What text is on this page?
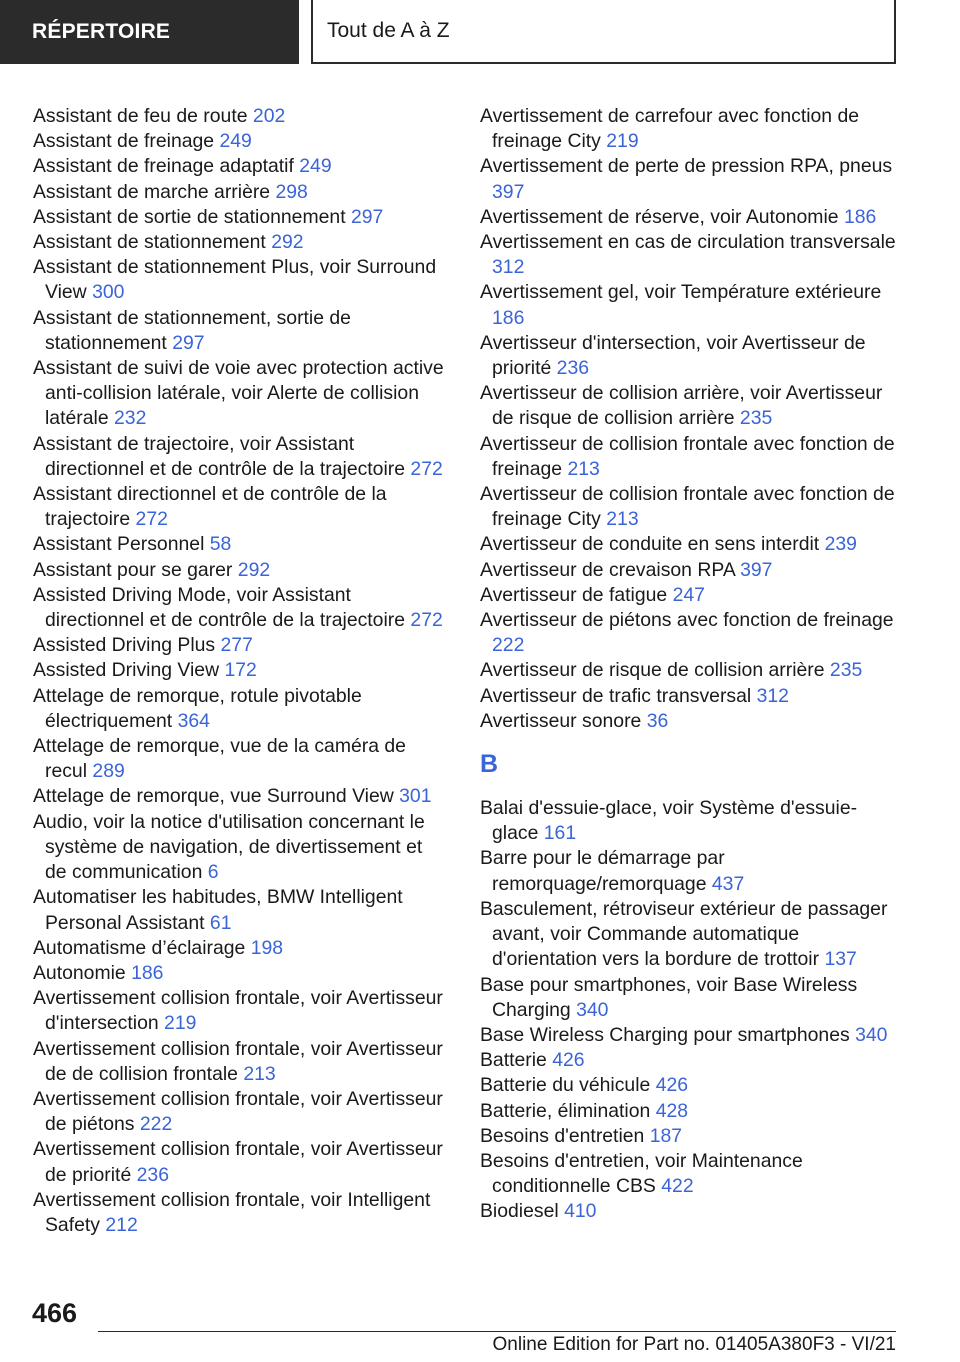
RÉPERTOIRE	Tout de A à Z
Assistant de feu de route 202
Assistant de freinage 249
Assistant de freinage adaptatif 249
Assistant de marche arrière 298
Assistant de sortie de stationnement 297
Assistant de stationnement 292
Assistant de stationnement Plus, voir Surround View 300
Assistant de stationnement, sortie de stationnement 297
Assistant de suivi de voie avec protection active anti-collision latérale, voir Alerte de collision latérale 232
Assistant de trajectoire, voir Assistant directionnel et de contrôle de la trajectoire 272
Assistant directionnel et de contrôle de la trajectoire 272
Assistant Personnel 58
Assistant pour se garer 292
Assisted Driving Mode, voir Assistant directionnel et de contrôle de la trajectoire 272
Assisted Driving Plus 277
Assisted Driving View 172
Attelage de remorque, rotule pivotable électriquement 364
Attelage de remorque, vue de la caméra de recul 289
Attelage de remorque, vue Surround View 301
Audio, voir la notice d'utilisation concernant le système de navigation, de divertissement et de communication 6
Automatiser les habitudes, BMW Intelligent Personal Assistant 61
Automatisme d’éclairage 198
Autonomie 186
Avertissement collision frontale, voir Avertisseur d'intersection 219
Avertissement collision frontale, voir Avertisseur de de collision frontale 213
Avertissement collision frontale, voir Avertisseur de piétons 222
Avertissement collision frontale, voir Avertisseur de priorité 236
Avertissement collision frontale, voir Intelligent Safety 212
Avertissement de carrefour avec fonction de freinage City 219
Avertissement de perte de pression RPA, pneus 397
Avertissement de réserve, voir Autonomie 186
Avertissement en cas de circulation transversale 312
Avertissement gel, voir Température extérieure 186
Avertisseur d'intersection, voir Avertisseur de priorité 236
Avertisseur de collision arrière, voir Avertisseur de risque de collision arrière 235
Avertisseur de collision frontale avec fonction de freinage 213
Avertisseur de collision frontale avec fonction de freinage City 213
Avertisseur de conduite en sens interdit 239
Avertisseur de crevaison RPA 397
Avertisseur de fatigue 247
Avertisseur de piétons avec fonction de freinage 222
Avertisseur de risque de collision arrière 235
Avertisseur de trafic transversal 312
Avertisseur sonore 36
B
Balai d'essuie-glace, voir Système d'essuie-glace 161
Barre pour le démarrage par remorquage/remorquage 437
Basculement, rétroviseur extérieur de passager avant, voir Commande automatique d'orientation vers la bordure de trottoir 137
Base pour smartphones, voir Base Wireless Charging 340
Base Wireless Charging pour smartphones 340
Batterie 426
Batterie du véhicule 426
Batterie, élimination 428
Besoins d'entretien 187
Besoins d'entretien, voir Maintenance conditionnelle CBS 422
Biodiesel 410
466
Online Edition for Part no. 01405A380F3 - VI/21
